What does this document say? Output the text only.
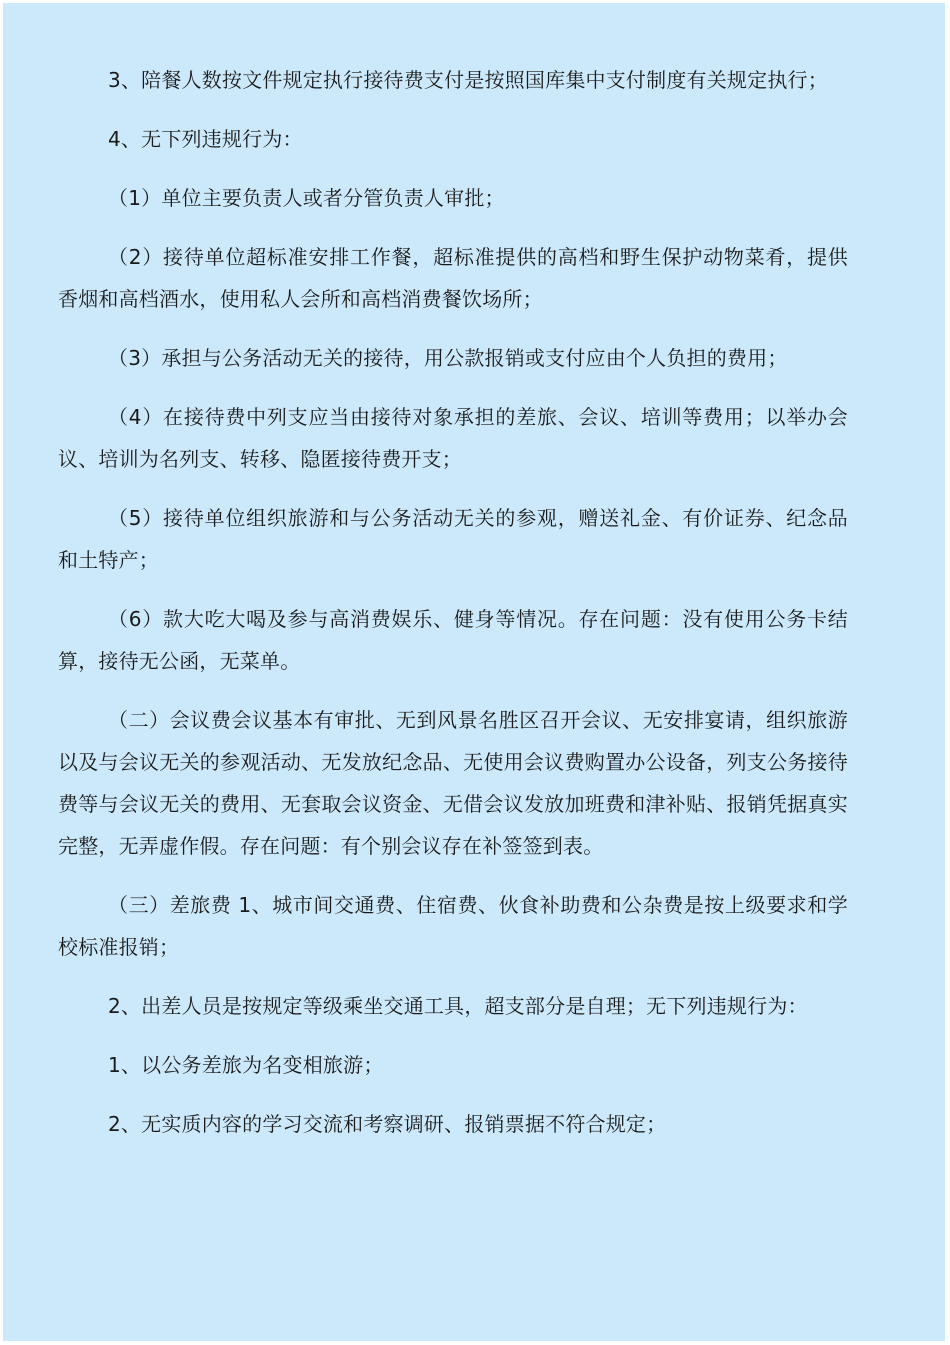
3、陪餐人数按文件规定执行接待费支付是按照国库集中支付制度有关规定执行；

4、无下列违规行为：

（1）单位主要负责人或者分管负责人审批；

（2）接待单位超标准安排工作餐，超标准提供的高档和野生保护动物菜肴，提供香烟和高档酒水，使用私人会所和高档消费餐饮场所；

（3）承担与公务活动无关的接待，用公款报销或支付应由个人负担的费用；

（4）在接待费中列支应当由接待对象承担的差旅、会议、培训等费用；以举办会议、培训为名列支、转移、隐匿接待费开支；

（5）接待单位组织旅游和与公务活动无关的参观，赠送礼金、有价证券、纪念品和土特产；

（6）款大吃大喝及参与高消费娱乐、健身等情况。存在问题：没有使用公务卡结算，接待无公函，无菜单。

（二）会议费会议基本有审批、无到风景名胜区召开会议、无安排宴请，组织旅游以及与会议无关的参观活动、无发放纪念品、无使用会议费购置办公设备，列支公务接待费等与会议无关的费用、无套取会议资金、无借会议发放加班费和津补贴、报销凭据真实完整，无弄虚作假。存在问题：有个别会议存在补签签到表。

（三）差旅费 1、城市间交通费、住宿费、伙食补助费和公杂费是按上级要求和学校标准报销；

2、出差人员是按规定等级乘坐交通工具，超支部分是自理；无下列违规行为：

1、以公务差旅为名变相旅游；

2、无实质内容的学习交流和考察调研、报销票据不符合规定；
